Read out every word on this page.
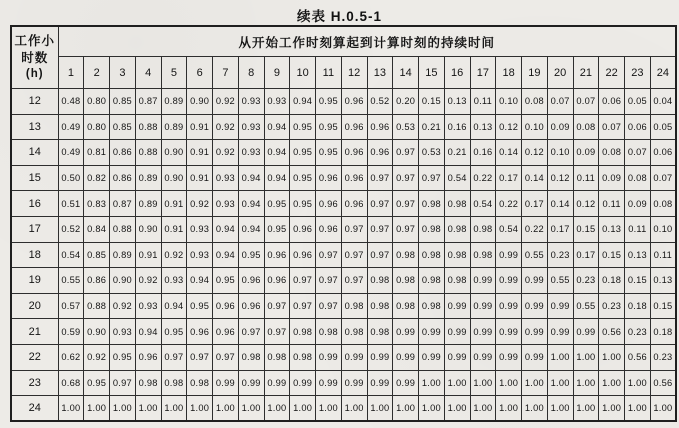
续表 H.0.5-1
工作小时数
(h)	从开始工作时刻算起到计算时刻的持续时间																							
	1	2	3	4	5	6	7	8	9	10	11	12	13	14	15	16	17	18	19	20	21	22	23	24
12	0.48	0.80	0.85	0.87	0.89	0.90	0.92	0.93	0.93	0.94	0.95	0.96	0.52	0.20	0.15	0.13	0.11	0.10	0.08	0.07	0.07	0.06	0.05	0.04
13	0.49	0.80	0.85	0.88	0.89	0.91	0.92	0.93	0.94	0.95	0.95	0.96	0.96	0.53	0.21	0.16	0.13	0.12	0.10	0.09	0.08	0.07	0.06	0.05
14	0.49	0.81	0.86	0.88	0.90	0.91	0.92	0.93	0.94	0.95	0.95	0.96	0.96	0.97	0.53	0.21	0.16	0.14	0.12	0.10	0.09	0.08	0.07	0.06
15	0.50	0.82	0.86	0.89	0.90	0.91	0.93	0.94	0.94	0.95	0.96	0.96	0.97	0.97	0.97	0.54	0.22	0.17	0.14	0.12	0.11	0.09	0.08	0.07
16	0.51	0.83	0.87	0.89	0.91	0.92	0.93	0.94	0.95	0.95	0.96	0.96	0.97	0.97	0.98	0.98	0.54	0.22	0.17	0.14	0.12	0.11	0.09	0.08
17	0.52	0.84	0.88	0.90	0.91	0.93	0.94	0.94	0.95	0.96	0.96	0.97	0.97	0.97	0.98	0.98	0.98	0.54	0.22	0.17	0.15	0.13	0.11	0.10
18	0.54	0.85	0.89	0.91	0.92	0.93	0.94	0.95	0.96	0.96	0.97	0.97	0.97	0.98	0.98	0.98	0.98	0.99	0.55	0.23	0.17	0.15	0.13	0.11
19	0.55	0.86	0.90	0.92	0.93	0.94	0.95	0.96	0.96	0.97	0.97	0.97	0.98	0.98	0.98	0.98	0.99	0.99	0.99	0.55	0.23	0.18	0.15	0.13
20	0.57	0.88	0.92	0.93	0.94	0.95	0.96	0.96	0.97	0.97	0.97	0.98	0.98	0.98	0.98	0.99	0.99	0.99	0.99	0.99	0.55	0.23	0.18	0.15
21	0.59	0.90	0.93	0.94	0.95	0.96	0.96	0.97	0.97	0.98	0.98	0.98	0.98	0.99	0.99	0.99	0.99	0.99	0.99	0.99	0.99	0.56	0.23	0.18
22	0.62	0.92	0.95	0.96	0.97	0.97	0.97	0.98	0.98	0.98	0.99	0.99	0.99	0.99	0.99	0.99	0.99	0.99	0.99	1.00	1.00	1.00	0.56	0.23
23	0.68	0.95	0.97	0.98	0.98	0.98	0.99	0.99	0.99	0.99	0.99	0.99	0.99	0.99	1.00	1.00	1.00	1.00	1.00	1.00	1.00	1.00	1.00	0.56
24	1.00	1.00	1.00	1.00	1.00	1.00	1.00	1.00	1.00	1.00	1.00	1.00	1.00	1.00	1.00	1.00	1.00	1.00	1.00	1.00	1.00	1.00	1.00	1.00
